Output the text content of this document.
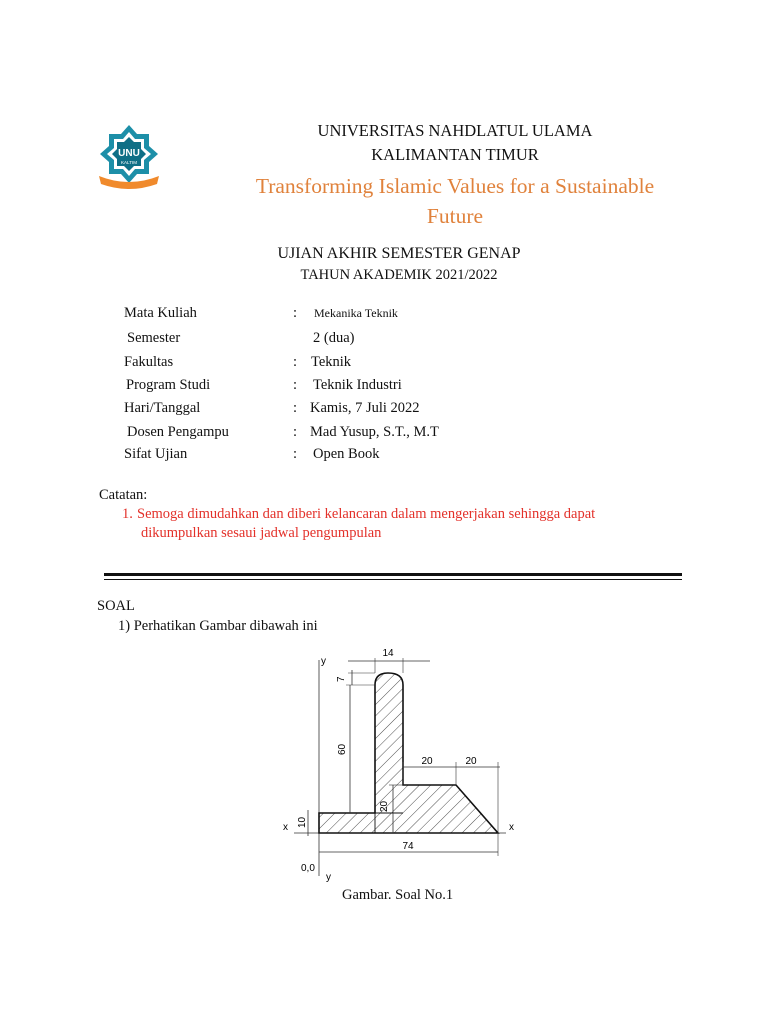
UNU
KALTIM
UNIVERSITAS NAHDLATUL ULAMA
KALIMANTAN TIMUR
Transforming Islamic Values for a Sustainable
Future
UJIAN AKHIR SEMESTER GENAP
TAHUN AKADEMIK 2021/2022
Mata Kuliah	: Mekanika Teknik
Semester	2 (dua)
Fakultas	: Teknik
Program Studi	: Teknik Industri
Hari/Tanggal	: Kamis, 7 Juli 2022
Dosen Pengampu	: Mad Yusup, S.T., M.T
Sifat Ujian	: Open Book
Catatan:
1. Semoga dimudahkan dan diberi kelancaran dalam mengerjakan sehingga dapat
dikumpulkan sesaui jadwal pengumpulan
SOAL
1) Perhatikan Gambar dibawah ini
14
7
60
20	20
20
10
74
x	x
y
y
0,0
Gambar. Soal No.1
